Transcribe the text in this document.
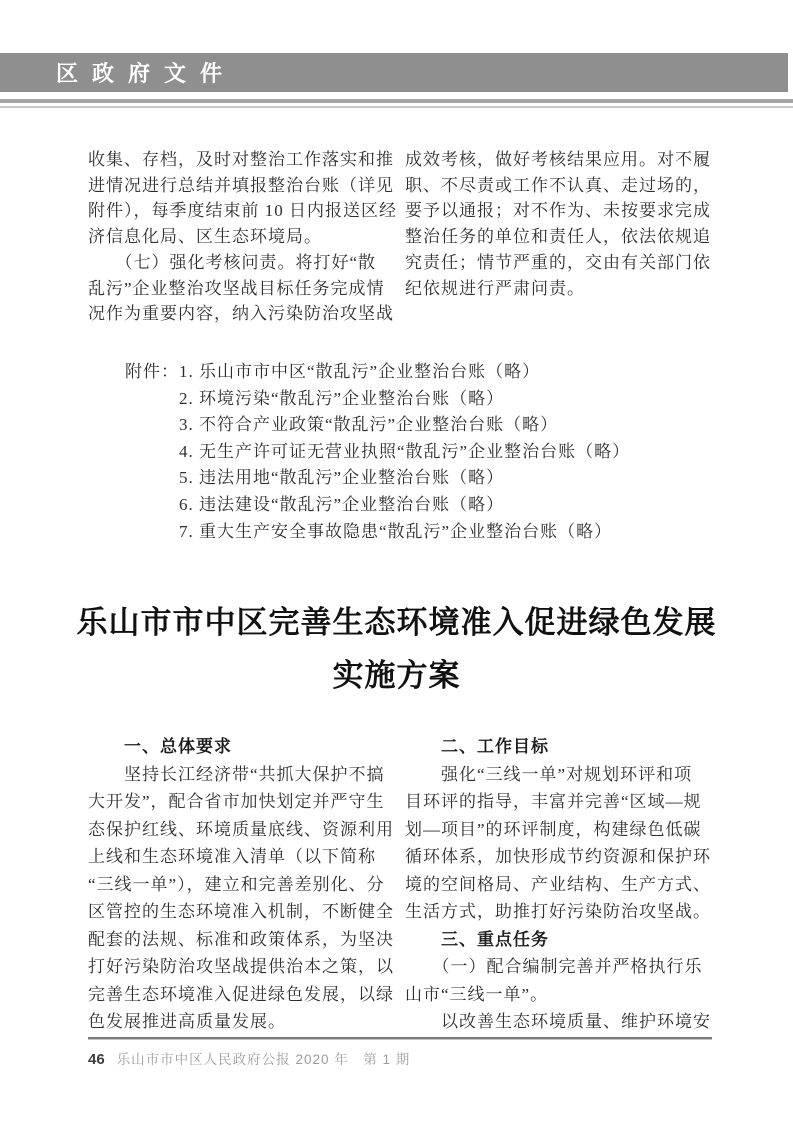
区政府文件
收集、存档，及时对整治工作落实和推
进情况进行总结并填报整治台账（详见
附件），每季度结束前 10 日内报送区经
济信息化局、区生态环境局。
　　（七）强化考核问责。将打好“散
乱污”企业整治攻坚战目标任务完成情
况作为重要内容，纳入污染防治攻坚战
成效考核，做好考核结果应用。对不履
职、不尽责或工作不认真、走过场的，
要予以通报；对不作为、未按要求完成
整治任务的单位和责任人，依法依规追
究责任；情节严重的，交由有关部门依
纪依规进行严肃问责。
附件： 1. 乐山市市中区“散乱污”企业整治台账（略）
2. 环境污染“散乱污”企业整治台账（略）
3. 不符合产业政策“散乱污”企业整治台账（略）
4. 无生产许可证无营业执照“散乱污”企业整治台账（略）
5. 违法用地“散乱污”企业整治台账（略）
6. 违法建设“散乱污”企业整治台账（略）
7. 重大生产安全事故隐患“散乱污”企业整治台账（略）
乐山市市中区完善生态环境准入促进绿色发展
实施方案
一、总体要求
　　坚持长江经济带“共抓大保护不搞
大开发”，配合省市加快划定并严守生
态保护红线、环境质量底线、资源利用
上线和生态环境准入清单（以下简称
“三线一单”），建立和完善差别化、分
区管控的生态环境准入机制，不断健全
配套的法规、标准和政策体系，为坚决
打好污染防治攻坚战提供治本之策，以
完善生态环境准入促进绿色发展，以绿
色发展推进高质量发展。
二、工作目标
　　强化“三线一单”对规划环评和项
目环评的指导，丰富并完善“区域—规
划—项目”的环评制度，构建绿色低碳
循环体系，加快形成节约资源和保护环
境的空间格局、产业结构、生产方式、
生活方式，助推打好污染防治攻坚战。
三、重点任务
　　（一）配合编制完善并严格执行乐
山市“三线一单”。
　　以改善生态环境质量、维护环境安
46 乐山市市中区人民政府公报 2020 年　第 1 期
